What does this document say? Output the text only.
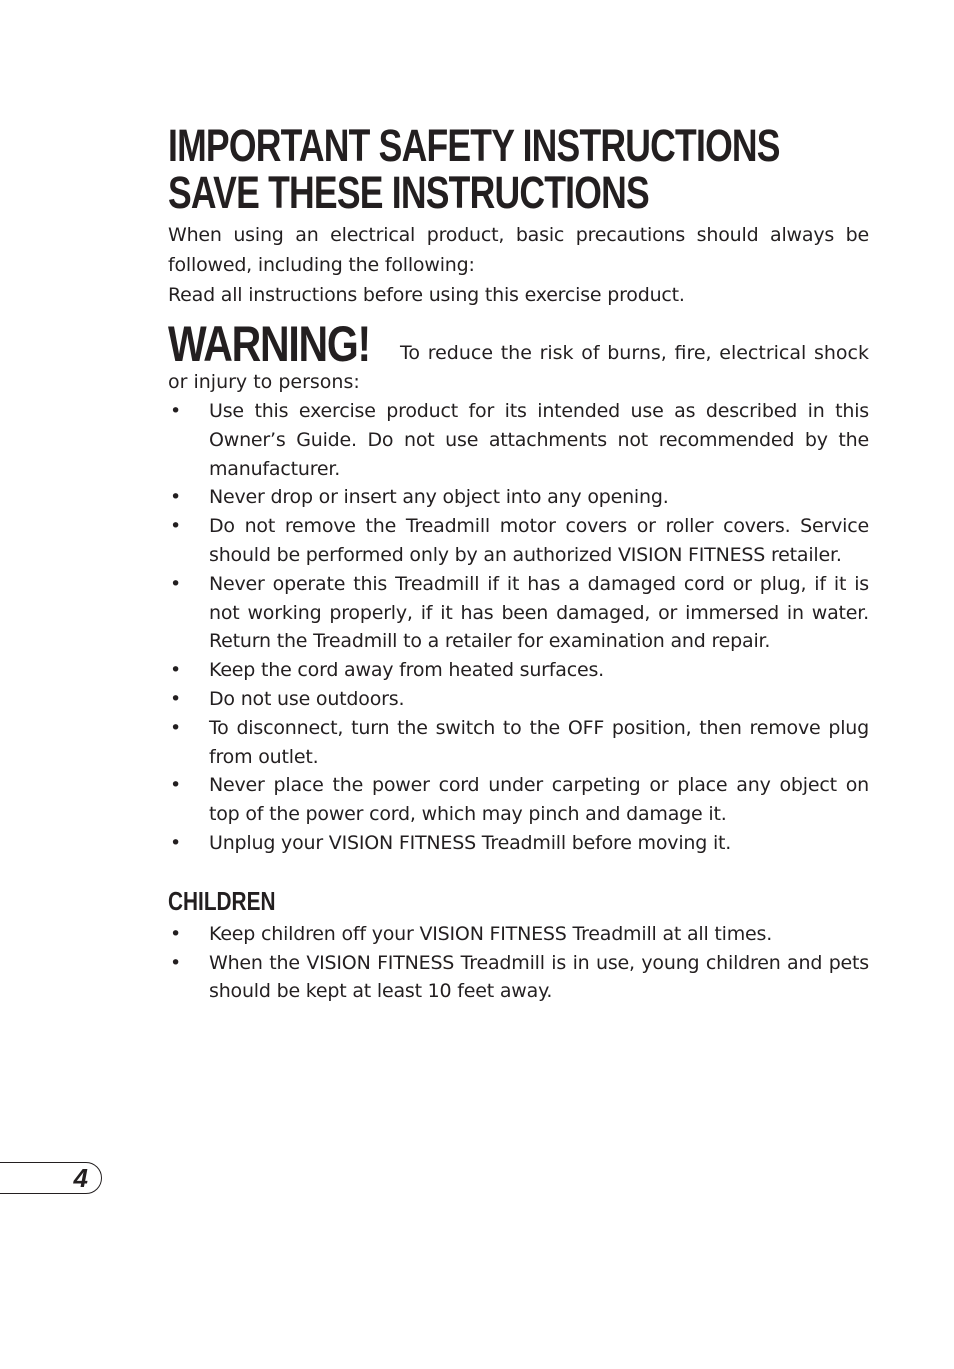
IMPORTANT SAFETY INSTRUCTIONS
SAVE THESE INSTRUCTIONS

When using an electrical product, basic precautions should always be followed, including the following:

Read all instructions before using this exercise product.

WARNING! To reduce the risk of burns, fire, electrical shock or injury to persons:
• Use this exercise product for its intended use as described in this Owner’s Guide. Do not use attachments not recommended by the manufacturer.
• Never drop or insert any object into any opening.
• Do not remove the Treadmill motor covers or roller covers. Service should be performed only by an authorized VISION FITNESS retailer.
• Never operate this Treadmill if it has a damaged cord or plug, if it is not working properly, if it has been damaged, or immersed in water. Return the Treadmill to a retailer for examination and repair.
• Keep the cord away from heated surfaces.
• Do not use outdoors.
• To disconnect, turn the switch to the OFF position, then remove plug from outlet.
• Never place the power cord under carpeting or place any object on top of the power cord, which may pinch and damage it.
• Unplug your VISION FITNESS Treadmill before moving it.
CHILDREN
• Keep children off your VISION FITNESS Treadmill at all times.
• When the VISION FITNESS Treadmill is in use, young children and pets should be kept at least 10 feet away.
4
